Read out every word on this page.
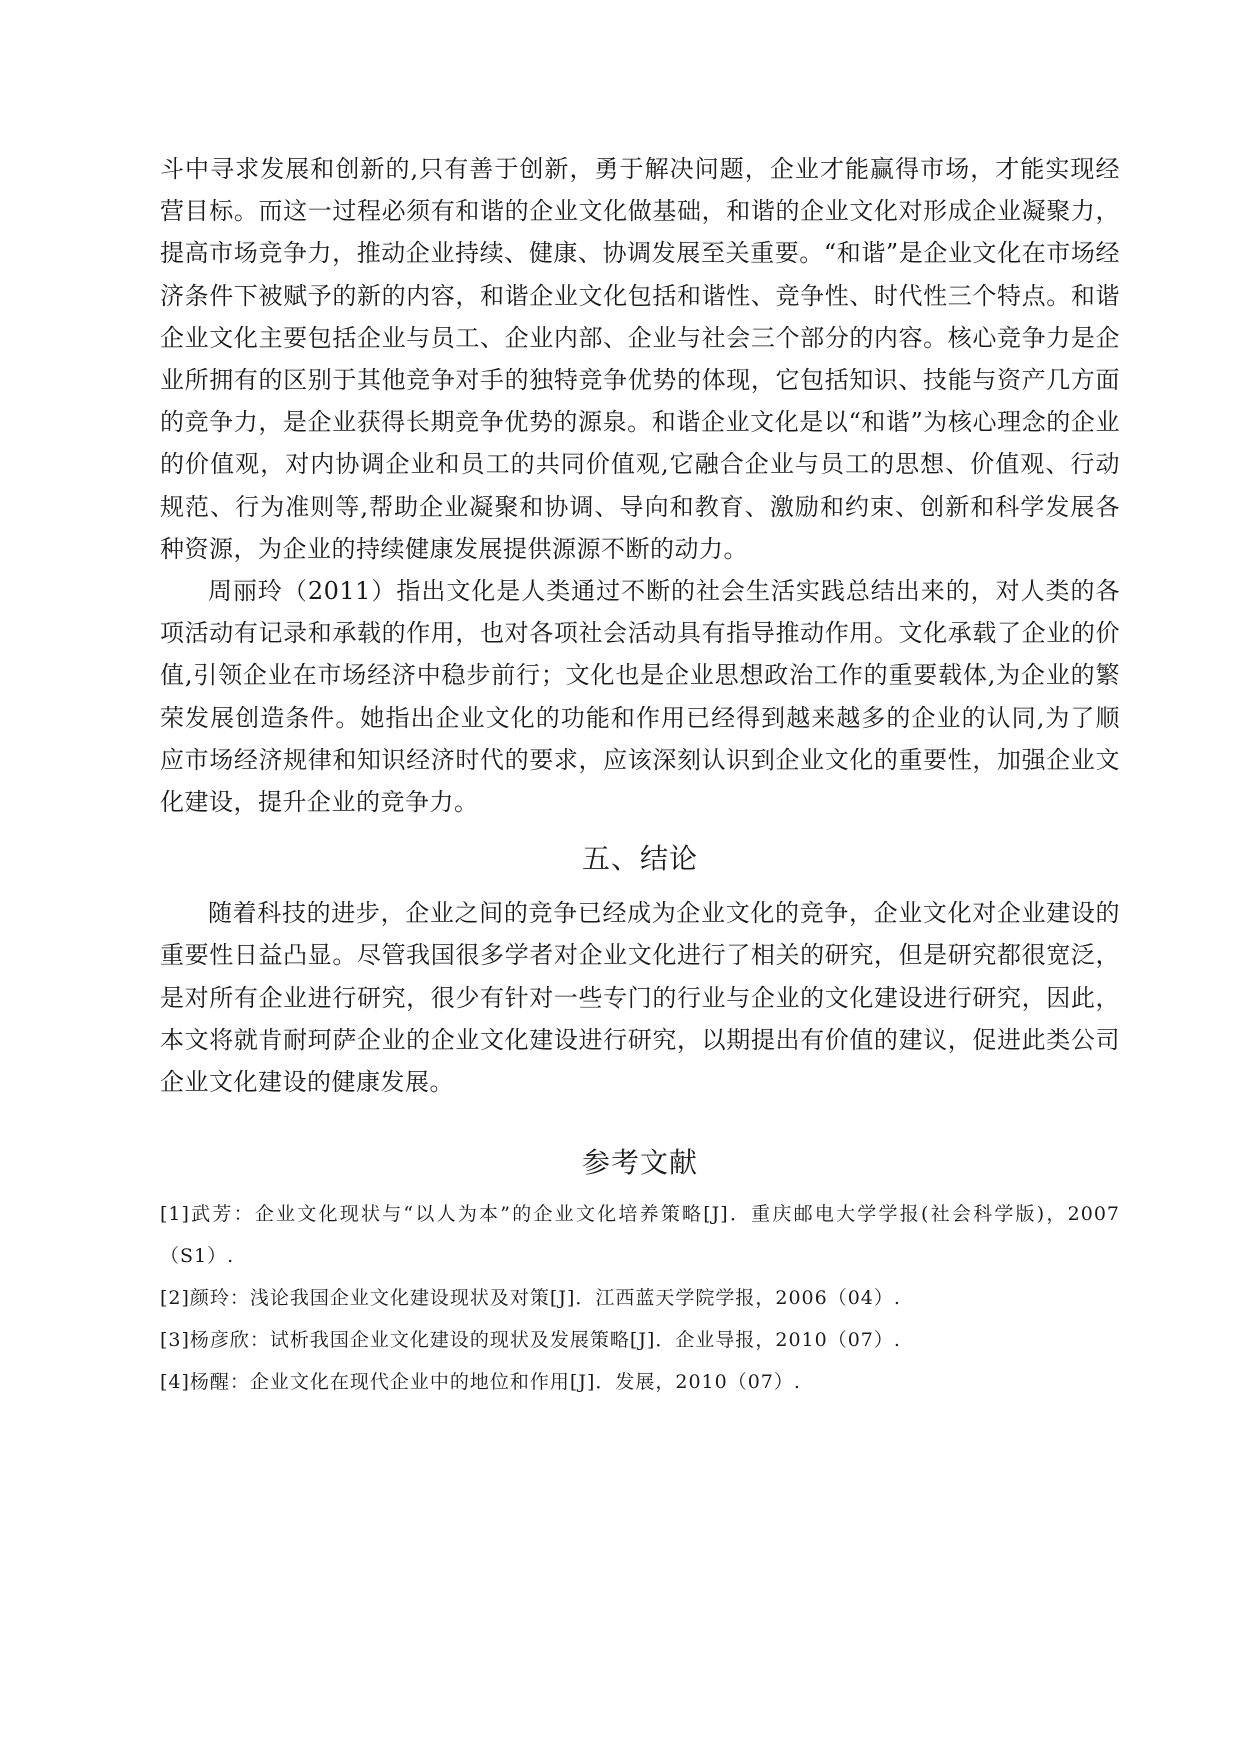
斗中寻求发展和创新的,只有善于创新，勇于解决问题，企业才能赢得市场，才能实现经营目标。而这一过程必须有和谐的企业文化做基础，和谐的企业文化对形成企业凝聚力，提高市场竞争力，推动企业持续、健康、协调发展至关重要。“和谐”是企业文化在市场经济条件下被赋予的新的内容，和谐企业文化包括和谐性、竞争性、时代性三个特点。和谐企业文化主要包括企业与员工、企业内部、企业与社会三个部分的内容。核心竞争力是企业所拥有的区别于其他竞争对手的独特竞争优势的体现，它包括知识、技能与资产几方面的竞争力，是企业获得长期竞争优势的源泉。和谐企业文化是以“和谐”为核心理念的企业的价值观，对内协调企业和员工的共同价值观,它融合企业与员工的思想、价值观、行动规范、行为准则等,帮助企业凝聚和协调、导向和教育、激励和约束、创新和科学发展各种资源，为企业的持续健康发展提供源源不断的动力。

周丽玲（2011）指出文化是人类通过不断的社会生活实践总结出来的，对人类的各项活动有记录和承载的作用，也对各项社会活动具有指导推动作用。文化承载了企业的价值,引领企业在市场经济中稳步前行；文化也是企业思想政治工作的重要载体,为企业的繁荣发展创造条件。她指出企业文化的功能和作用已经得到越来越多的企业的认同,为了顺应市场经济规律和知识经济时代的要求，应该深刻认识到企业文化的重要性，加强企业文化建设，提升企业的竞争力。

五、结论

随着科技的进步，企业之间的竞争已经成为企业文化的竞争，企业文化对企业建设的重要性日益凸显。尽管我国很多学者对企业文化进行了相关的研究，但是研究都很宽泛，是对所有企业进行研究，很少有针对一些专门的行业与企业的文化建设进行研究，因此，本文将就肯耐珂萨企业的企业文化建设进行研究，以期提出有价值的建议，促进此类公司企业文化建设的健康发展。

参考文献
[1]武芳：企业文化现状与“以人为本”的企业文化培养策略[J]．重庆邮电大学学报(社会科学版)，2007（S1）.
[2]颜玲：浅论我国企业文化建设现状及对策[J]．江西蓝天学院学报，2006（04）.
[3]杨彦欣：试析我国企业文化建设的现状及发展策略[J]．企业导报，2010（07）.
[4]杨醒：企业文化在现代企业中的地位和作用[J]．发展，2010（07）.
